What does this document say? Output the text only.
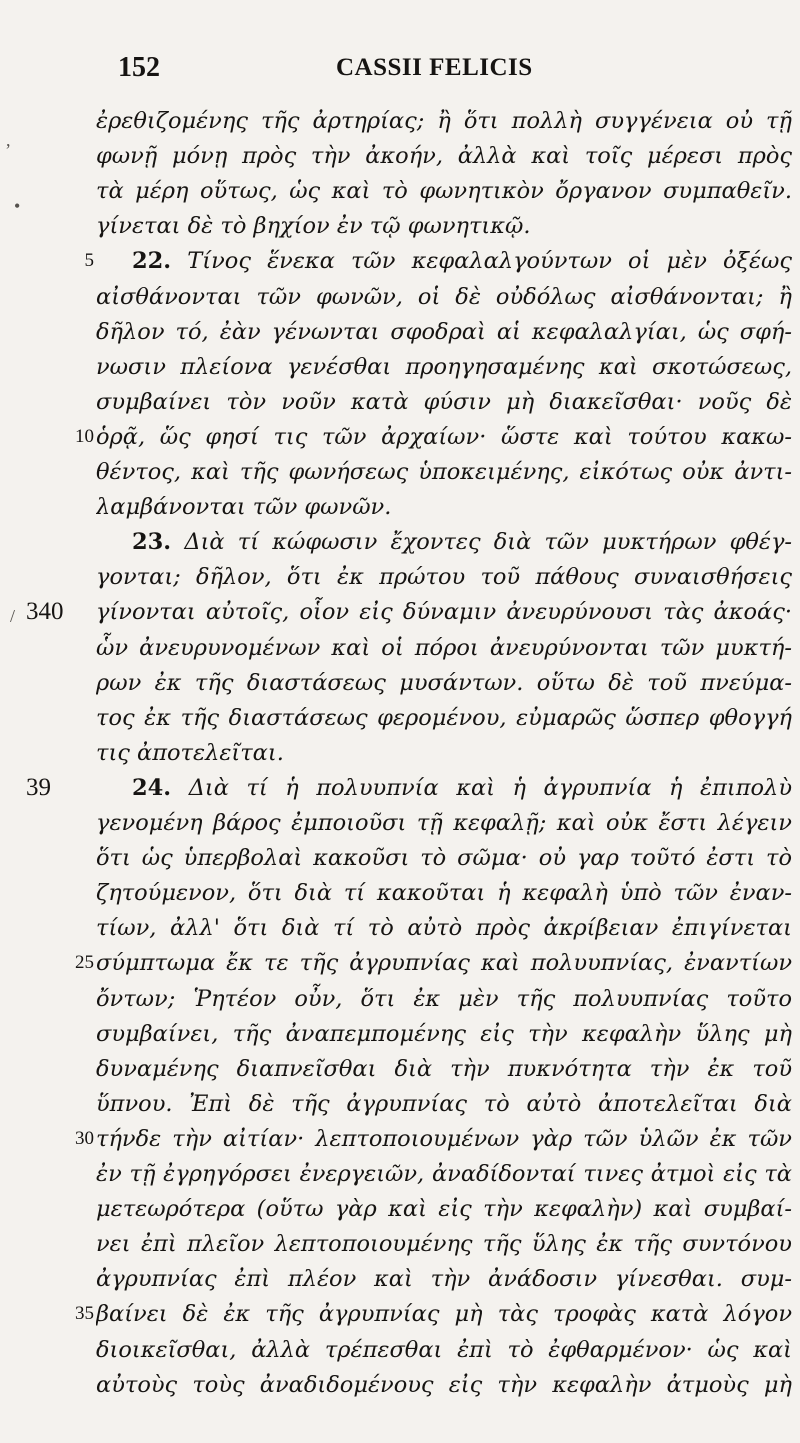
152	CASSII FELICIS
ἐρεθιζομένης τῆς ἀρτηρίας; ἢ ὅτι πολλὴ συγγένεια οὐ τῇ
φωνῇ μόνῃ πρὸς τὴν ἀκοήν, ἀλλὰ καὶ τοῖς μέρεσι πρὸς
τὰ μέρη οὕτως, ὡς καὶ τὸ φωνητικὸν ὄργανον συμπαθεῖν.
γίνεται δὲ τὸ βηχίον ἐν τῷ φωνητικῷ.
5	22. Τίνος ἕνεκα τῶν κεφαλαλγούντων οἱ μὲν ὀξέως
αἰσθάνονται τῶν φωνῶν, οἱ δὲ οὐδόλως αἰσθάνονται; ἢ
δῆλον τό, ἐὰν γένωνται σφοδραὶ αἱ κεφαλαλγίαι, ὡς σφή-
νωσιν πλείονα γενέσθαι προηγησαμένης καὶ σκοτώσεως,
συμβαίνει τὸν νοῦν κατὰ φύσιν μὴ διακεῖσθαι· νοῦς δὲ
10 ὁρᾷ, ὥς φησί τις τῶν ἀρχαίων· ὥστε καὶ τούτου κακω-
θέντος, καὶ τῆς φωνήσεως ὑποκειμένης, εἰκότως οὐκ ἀντι-
λαμβάνονται τῶν φωνῶν.
23. Διὰ τί κώφωσιν ἔχοντες διὰ τῶν μυκτήρων φθέγ-
γονται; δῆλον, ὅτι ἐκ πρώτου τοῦ πάθους συναισθήσεις
340	γίνονται αὐτοῖς, οἷον εἰς δύναμιν ἀνευρύνουσι τὰς ἀκοάς·
ὧν ἀνευρυνομένων καὶ οἱ πόροι ἀνευρύνονται τῶν μυκτή-
ρων ἐκ τῆς διαστάσεως μυσάντων. οὕτω δὲ τοῦ πνεύμα-
τος ἐκ τῆς διαστάσεως φερομένου, εὐμαρῶς ὥσπερ φθογγή
τις ἀποτελεῖται.
39	24. Διὰ τί ἡ πολυυπνία καὶ ἡ ἀγρυπνία ἡ ἐπιπολὺ
γενομένη βάρος ἐμποιοῦσι τῇ κεφαλῇ; καὶ οὐκ ἔστι λέγειν
ὅτι ὡς ὑπερβολαὶ κακοῦσι τὸ σῶμα· οὐ γαρ τοῦτό ἐστι τὸ
ζητούμενον, ὅτι διὰ τί κακοῦται ἡ κεφαλὴ ὑπὸ τῶν ἐναν-
τίων, ἀλλ' ὅτι διὰ τί τὸ αὐτὸ πρὸς ἀκρίβειαν ἐπιγίνεται
25 σύμπτωμα ἔκ τε τῆς ἀγρυπνίας καὶ πολυυπνίας, ἐναντίων
ὄντων; Ῥητέον οὖν, ὅτι ἐκ μὲν τῆς πολυυπνίας τοῦτο
συμβαίνει, τῆς ἀναπεμπομένης εἰς τὴν κεφαλὴν ὕλης μὴ
δυναμένης διαπνεῖσθαι διὰ τὴν πυκνότητα τὴν ἐκ τοῦ
ὕπνου. Ἐπὶ δὲ τῆς ἀγρυπνίας τὸ αὐτὸ ἀποτελεῖται διὰ
30 τήνδε τὴν αἰτίαν· λεπτοποιουμένων γὰρ τῶν ὑλῶν ἐκ τῶν
ἐν τῇ ἐγρηγόρσει ἐνεργειῶν, ἀναδίδονταί τινες ἀτμοὶ εἰς τὰ
μετεωρότερα (οὕτω γὰρ καὶ εἰς τὴν κεφαλὴν) καὶ συμβαί-
νει ἐπὶ πλεῖον λεπτοποιουμένης τῆς ὕλης ἐκ τῆς συντόνου
ἀγρυπνίας ἐπὶ πλέον καὶ τὴν ἀνάδοσιν γίνεσθαι. συμ-
35 βαίνει δὲ ἐκ τῆς ἀγρυπνίας μὴ τὰς τροφὰς κατὰ λόγον
διοικεῖσθαι, ἀλλὰ τρέπεσθαι ἐπὶ τὸ ἐφθαρμένον· ὡς καὶ
αὐτοὺς τοὺς ἀναδιδομένους εἰς τὴν κεφαλὴν ἀτμοὺς μὴ
,
•
/
